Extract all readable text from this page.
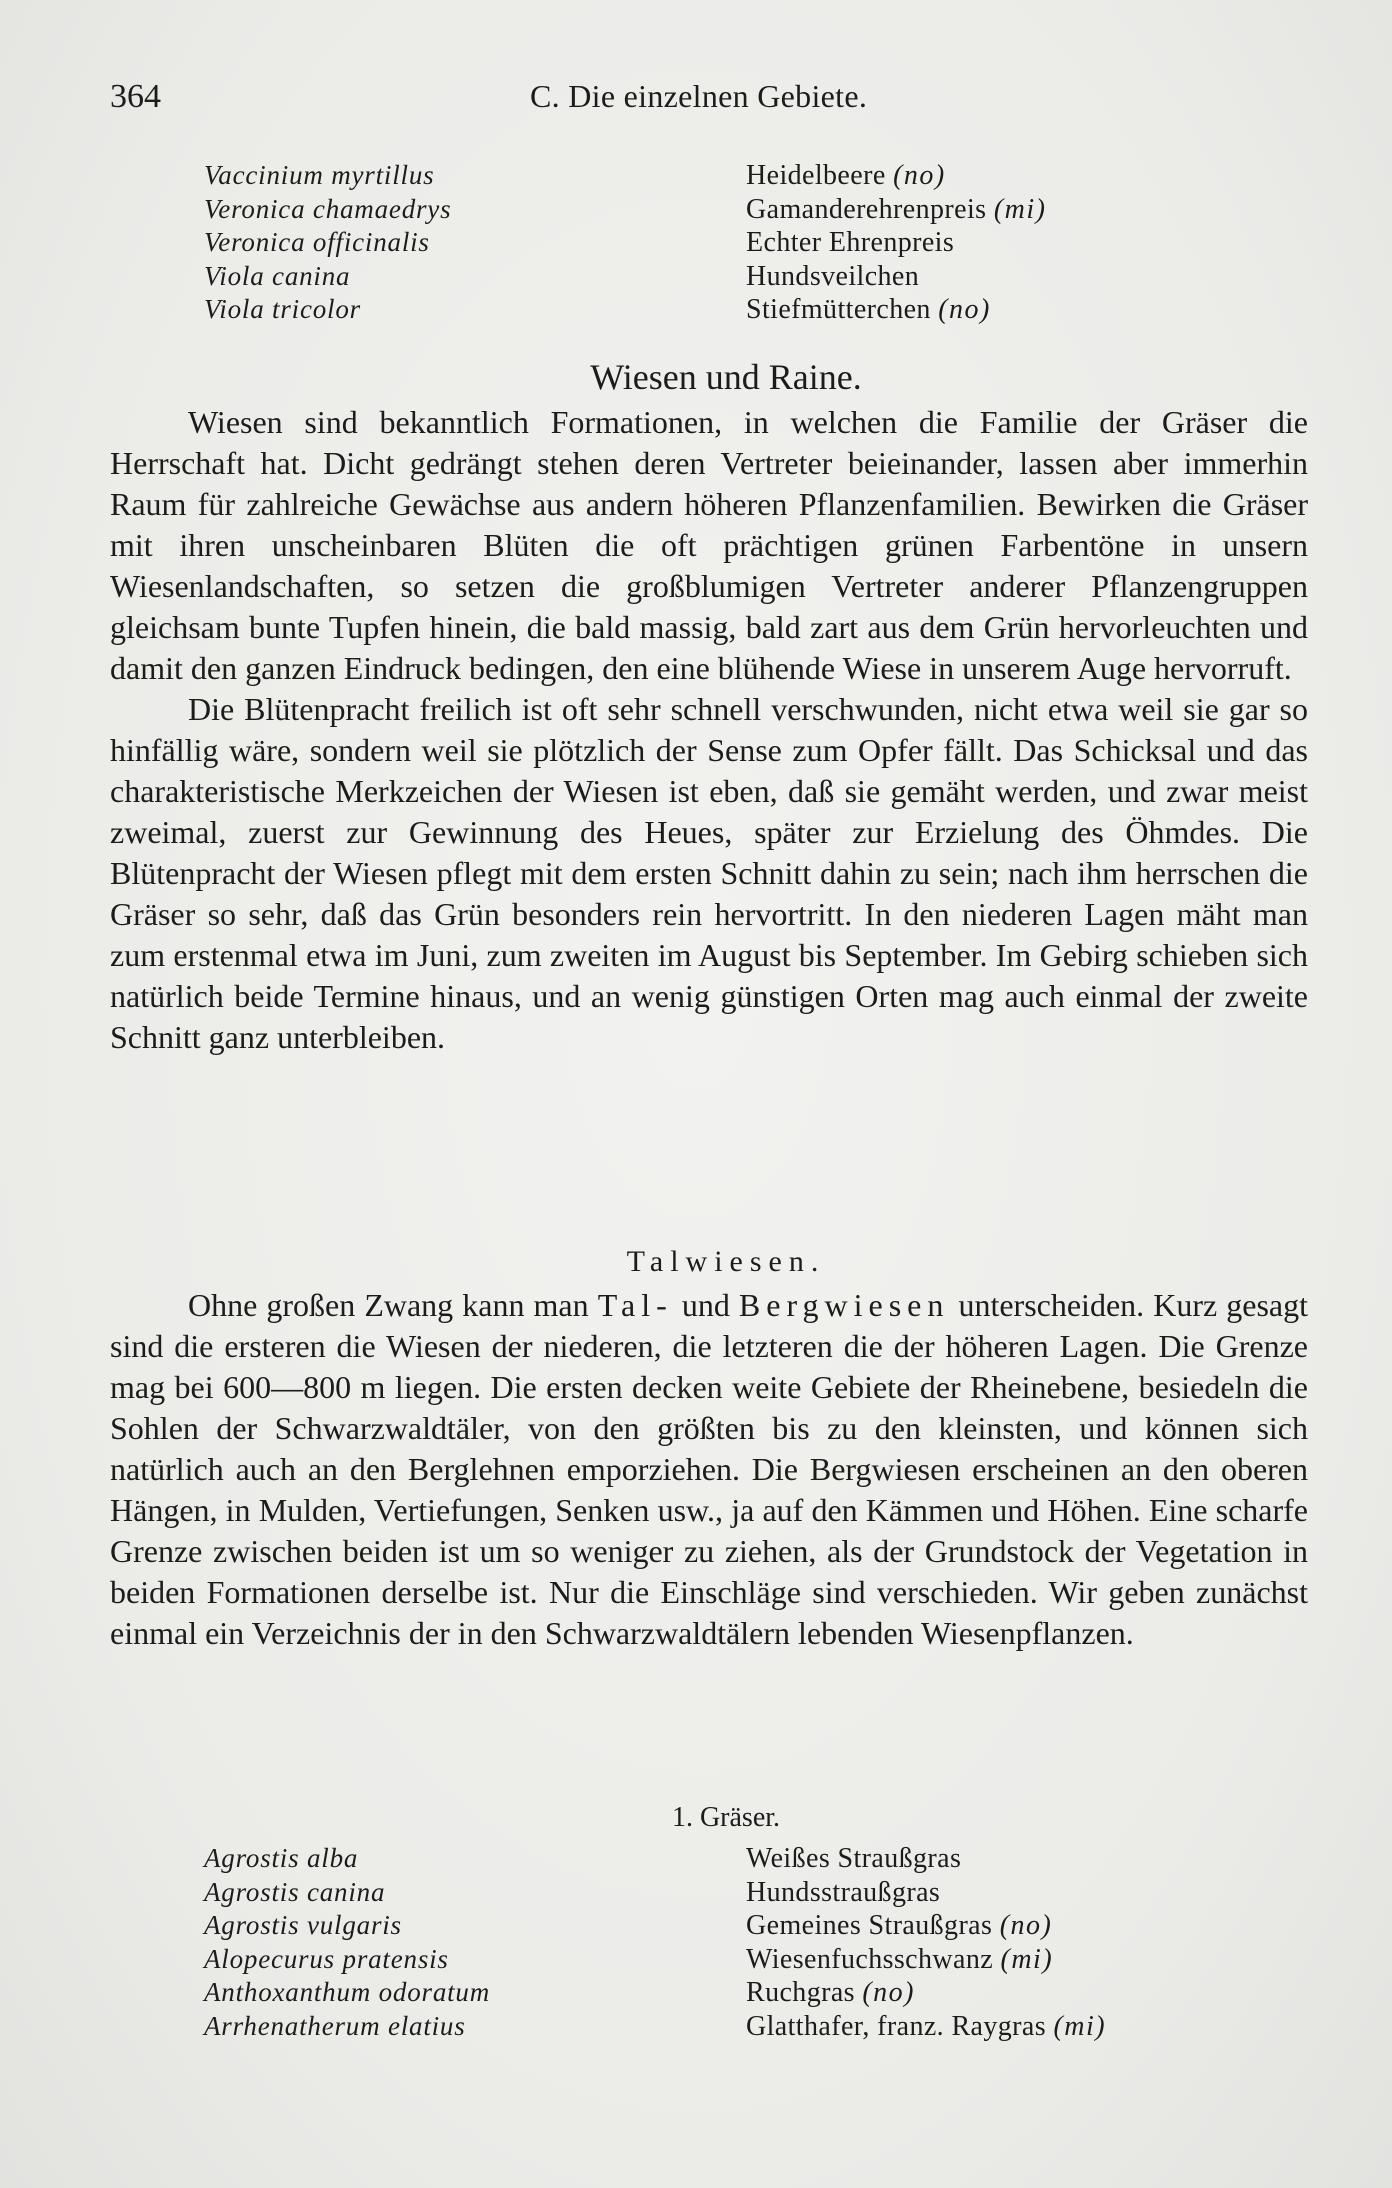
364	C. Die einzelnen Gebiete.
Vaccinium myrtillus	Heidelbeere (no)
Veronica chamaedrys	Gamanderehrenpreis (mi)
Veronica officinalis	Echter Ehrenpreis
Viola canina	Hundsveilchen
Viola tricolor	Stiefmütterchen (no)
Wiesen und Raine.

Wiesen sind bekanntlich Formationen, in welchen die Familie der Gräser die Herrschaft hat. Dicht gedrängt stehen deren Vertreter beieinander, lassen aber immerhin Raum für zahlreiche Gewächse aus andern höheren Pflanzenfamilien. Bewirken die Gräser mit ihren unscheinbaren Blüten die oft prächtigen grünen Farbentöne in unsern Wiesenlandschaften, so setzen die großblumigen Vertreter anderer Pflanzengruppen gleichsam bunte Tupfen hinein, die bald massig, bald zart aus dem Grün hervorleuchten und damit den ganzen Eindruck bedingen, den eine blühende Wiese in unserem Auge hervorruft.

Die Blütenpracht freilich ist oft sehr schnell verschwunden, nicht etwa weil sie gar so hinfällig wäre, sondern weil sie plötzlich der Sense zum Opfer fällt. Das Schicksal und das charakteristische Merkzeichen der Wiesen ist eben, daß sie gemäht werden, und zwar meist zweimal, zuerst zur Gewinnung des Heues, später zur Erzielung des Öhmdes. Die Blütenpracht der Wiesen pflegt mit dem ersten Schnitt dahin zu sein; nach ihm herrschen die Gräser so sehr, daß das Grün besonders rein hervortritt. In den niederen Lagen mäht man zum erstenmal etwa im Juni, zum zweiten im August bis September. Im Gebirg schieben sich natürlich beide Termine hinaus, und an wenig günstigen Orten mag auch einmal der zweite Schnitt ganz unterbleiben.

Talwiesen.

Ohne großen Zwang kann man Tal- und Bergwiesen unterscheiden. Kurz gesagt sind die ersteren die Wiesen der niederen, die letzteren die der höheren Lagen. Die Grenze mag bei 600—800 m liegen. Die ersten decken weite Gebiete der Rheinebene, besiedeln die Sohlen der Schwarzwaldtäler, von den größten bis zu den kleinsten, und können sich natürlich auch an den Berglehnen emporziehen. Die Bergwiesen erscheinen an den oberen Hängen, in Mulden, Vertiefungen, Senken usw., ja auf den Kämmen und Höhen. Eine scharfe Grenze zwischen beiden ist um so weniger zu ziehen, als der Grundstock der Vegetation in beiden Formationen derselbe ist. Nur die Einschläge sind verschieden. Wir geben zunächst einmal ein Verzeichnis der in den Schwarzwaldtälern lebenden Wiesenpflanzen.

1. Gräser.
Agrostis alba	Weißes Straußgras
Agrostis canina	Hundsstraußgras
Agrostis vulgaris	Gemeines Straußgras (no)
Alopecurus pratensis	Wiesenfuchsschwanz (mi)
Anthoxanthum odoratum	Ruchgras (no)
Arrhenatherum elatius	Glatthafer, franz. Raygras (mi)
